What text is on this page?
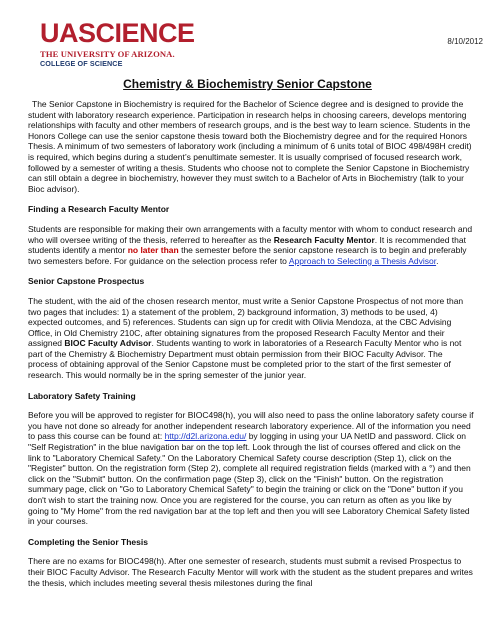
UASCIENCE
THE UNIVERSITY OF ARIZONA.
COLLEGE OF SCIENCE
8/10/2012
Chemistry & Biochemistry Senior Capstone

The Senior Capstone in Biochemistry is required for the Bachelor of Science degree and is designed to provide the student with laboratory research experience. Participation in research helps in choosing careers, develops mentoring relationships with faculty and other members of research groups, and is the best way to learn science. Students in the Honors College can use the senior capstone thesis toward both the Biochemistry degree and for the required Honors Thesis. A minimum of two semesters of laboratory work (including a minimum of 6 units total of BIOC 498/498H credit) is required, which begins during a student’s penultimate semester. It is usually comprised of focused research work, followed by a semester of writing a thesis. Students who choose not to complete the Senior Capstone in Biochemistry can still obtain a degree in biochemistry, however they must switch to a Bachelor of Arts in Biochemistry (talk to your Bioc advisor).

Finding a Research Faculty Mentor

Students are responsible for making their own arrangements with a faculty mentor with whom to conduct research and who will oversee writing of the thesis, referred to hereafter as the Research Faculty Mentor. It is recommended that students identify a mentor no later than the semester before the senior capstone research is to begin and preferably two semesters before. For guidance on the selection process refer to Approach to Selecting a Thesis Advisor.

Senior Capstone Prospectus

The student, with the aid of the chosen research mentor, must write a Senior Capstone Prospectus of not more than two pages that includes: 1) a statement of the problem, 2) background information, 3) methods to be used, 4) expected outcomes, and 5) references. Students can sign up for credit with Olivia Mendoza, at the CBC Advising Office, in Old Chemistry 210C, after obtaining signatures from the proposed Research Faculty Mentor and their assigned BIOC Faculty Advisor. Students wanting to work in laboratories of a Research Faculty Mentor who is not part of the Chemistry & Biochemistry Department must obtain permission from their BIOC Faculty Advisor. The process of obtaining approval of the Senior Capstone must be completed prior to the start of the first semester of research. This would normally be in the spring semester of the junior year.

Laboratory Safety Training

Before you will be approved to register for BIOC498(h), you will also need to pass the online laboratory safety course if you have not done so already for another independent research laboratory experience. All of the information you need to pass this course can be found at: http://d2l.arizona.edu/ by logging in using your UA NetID and password. Click on "Self Registration" in the blue navigation bar on the top left. Look through the list of courses offered and click on the link to "Laboratory Chemical Safety." On the Laboratory Chemical Safety course description (Step 1), click on the "Register" button. On the registration form (Step 2), complete all required registration fields (marked with a °) and then click on the "Submit" button. On the confirmation page (Step 3), click on the "Finish" button. On the registration summary page, click on "Go to Laboratory Chemical Safety" to begin the training or click on the "Done" button if you don't wish to start the training now. Once you are registered for the course, you can return as often as you like by going to "My Home" from the red navigation bar at the top left and then you will see Laboratory Chemical Safety listed in your courses.

Completing the Senior Thesis

There are no exams for BIOC498(h). After one semester of research, students must submit a revised Prospectus to their BIOC Faculty Advisor. The Research Faculty Mentor will work with the student as the student prepares and writes the thesis, which includes meeting several thesis milestones during the final
